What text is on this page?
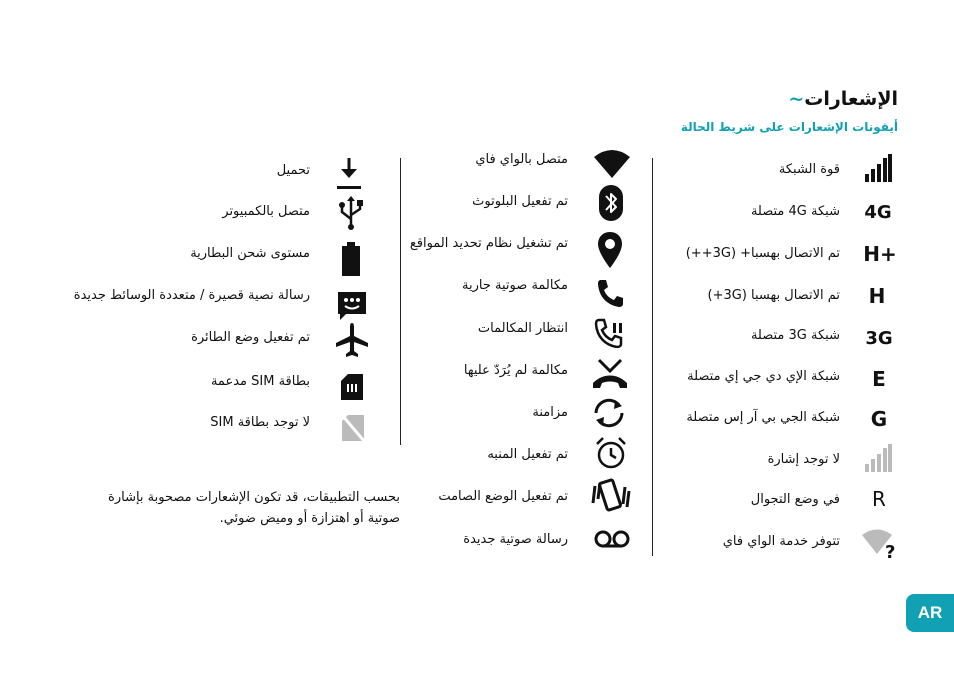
الإشعارات~
أيقونات الإشعارات على شريط الحالة
4G
H+
H
3G
E
G
R
?
قوة الشبكة
شبكة 4G متصلة
تم الاتصال بهسبا+ (3G++)
تم الاتصال بهسبا (3G+)
شبكة 3G متصلة
شبكة الإي دي جي إي متصلة
شبكة الجي بي آر إس متصلة
لا توجد إشارة
في وضع التجوال
تتوفر خدمة الواي فاي
متصل بالواي فاي
تم تفعيل البلوتوث
تم تشغيل نظام تحديد المواقع
مكالمة صوتية جارية
انتظار المكالمات
مكالمة لم يُرَدّ عليها
مزامنة
تم تفعيل المنبه
تم تفعيل الوضع الصامت
رسالة صوتية جديدة
تحميل
متصل بالكمبيوتر
مستوى شحن البطارية
رسالة نصية قصيرة / متعددة الوسائط جديدة
تم تفعيل وضع الطائرة
بطاقة SIM مدعمة
لا توجد بطاقة SIM
بحسب التطبيقات، قد تكون الإشعارات مصحوبة بإشارة صوتية أو اهتزازة أو وميض ضوئي.
AR
